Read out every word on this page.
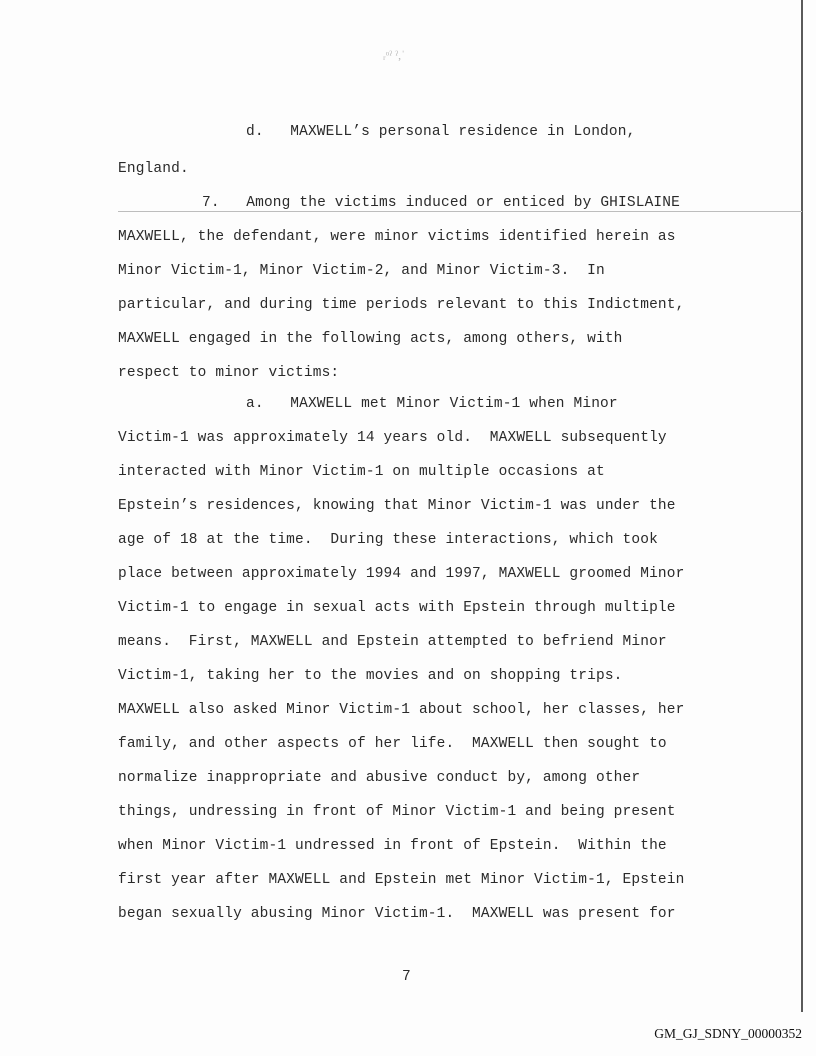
ᵣᵒˀ ˀ,ˈ
d.   MAXWELL’s personal residence in London,
England.
7.   Among the victims induced or enticed by GHISLAINE
MAXWELL, the defendant, were minor victims identified herein as
Minor Victim-1, Minor Victim-2, and Minor Victim-3.  In
particular, and during time periods relevant to this Indictment,
MAXWELL engaged in the following acts, among others, with
respect to minor victims:
a.   MAXWELL met Minor Victim-1 when Minor
Victim-1 was approximately 14 years old.  MAXWELL subsequently
interacted with Minor Victim-1 on multiple occasions at
Epstein’s residences, knowing that Minor Victim-1 was under the
age of 18 at the time.  During these interactions, which took
place between approximately 1994 and 1997, MAXWELL groomed Minor
Victim-1 to engage in sexual acts with Epstein through multiple
means.  First, MAXWELL and Epstein attempted to befriend Minor
Victim-1, taking her to the movies and on shopping trips.
MAXWELL also asked Minor Victim-1 about school, her classes, her
family, and other aspects of her life.  MAXWELL then sought to
normalize inappropriate and abusive conduct by, among other
things, undressing in front of Minor Victim-1 and being present
when Minor Victim-1 undressed in front of Epstein.  Within the
first year after MAXWELL and Epstein met Minor Victim-1, Epstein
began sexually abusing Minor Victim-1.  MAXWELL was present for
7
GM_GJ_SDNY_00000352
